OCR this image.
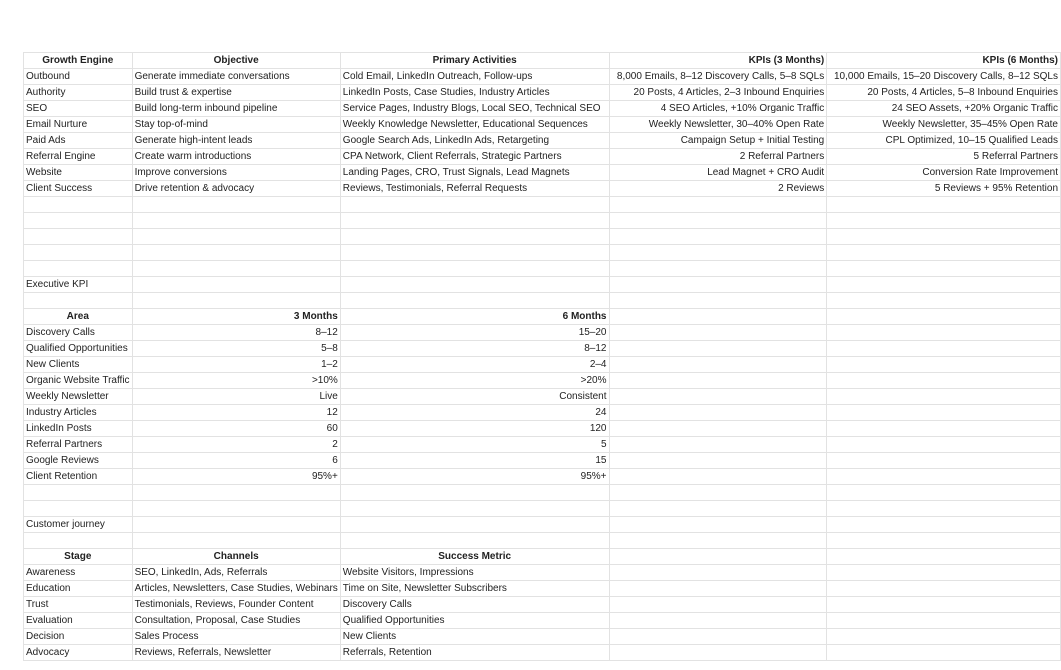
Growth Engine	Objective	Primary Activities	KPIs (3 Months)	KPIs (6 Months)
Outbound	Generate immediate conversations	Cold Email, LinkedIn Outreach, Follow-ups	8,000 Emails, 8–12 Discovery Calls, 5–8 SQLs	10,000 Emails, 15–20 Discovery Calls, 8–12 SQLs
Authority	Build trust & expertise	LinkedIn Posts, Case Studies, Industry Articles	20 Posts, 4 Articles, 2–3 Inbound Enquiries	20 Posts, 4 Articles, 5–8 Inbound Enquiries
SEO	Build long-term inbound pipeline	Service Pages, Industry Blogs, Local SEO, Technical SEO	4 SEO Articles, +10% Organic Traffic	24 SEO Assets, +20% Organic Traffic
Email Nurture	Stay top-of-mind	Weekly Knowledge Newsletter, Educational Sequences	Weekly Newsletter, 30–40% Open Rate	Weekly Newsletter, 35–45% Open Rate
Paid Ads	Generate high-intent leads	Google Search Ads, LinkedIn Ads, Retargeting	Campaign Setup + Initial Testing	CPL Optimized, 10–15 Qualified Leads
Referral Engine	Create warm introductions	CPA Network, Client Referrals, Strategic Partners	2 Referral Partners	5 Referral Partners
Website	Improve conversions	Landing Pages, CRO, Trust Signals, Lead Magnets	Lead Magnet + CRO Audit	Conversion Rate Improvement
Client Success	Drive retention & advocacy	Reviews, Testimonials, Referral Requests	2 Reviews	5 Reviews + 95% Retention

Executive KPI				

Area	3 Months	6 Months		
Discovery Calls	8–12	15–20		
Qualified Opportunities	5–8	8–12		
New Clients	1–2	2–4		
Organic Website Traffic	>10%	>20%		
Weekly Newsletter	Live	Consistent		
Industry Articles	12	24		
LinkedIn Posts	60	120		
Referral Partners	2	5		
Google Reviews	6	15		
Client Retention	95%+	95%+		

Customer journey				

Stage	Channels	Success Metric		
Awareness	SEO, LinkedIn, Ads, Referrals	Website Visitors, Impressions		
Education	Articles, Newsletters, Case Studies, Webinars	Time on Site, Newsletter Subscribers		
Trust	Testimonials, Reviews, Founder Content	Discovery Calls		
Evaluation	Consultation, Proposal, Case Studies	Qualified Opportunities		
Decision	Sales Process	New Clients		
Advocacy	Reviews, Referrals, Newsletter	Referrals, Retention		
